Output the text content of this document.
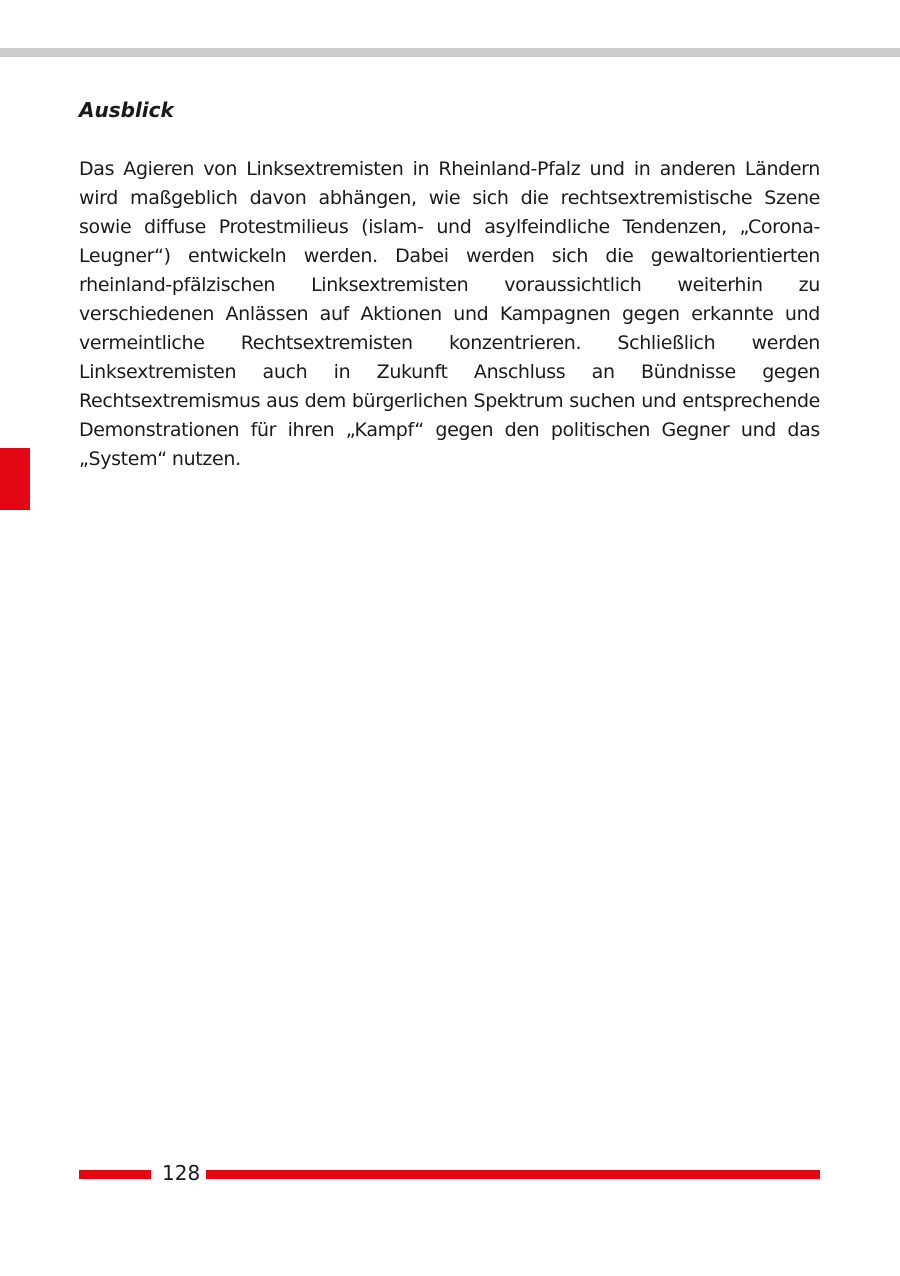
Ausblick

Das Agieren von Linksextremisten in Rheinland-Pfalz und in anderen Ländern wird maßgeblich davon abhängen, wie sich die rechtsextremistische Szene sowie diffuse Protestmilieus (islam- und asylfeindliche Tendenzen, „Corona-Leugner“) entwickeln werden. Dabei werden sich die gewaltorientierten rheinland-pfälzischen Linksextremisten voraussichtlich weiterhin zu verschiedenen Anlässen auf Aktionen und Kampagnen gegen erkannte und vermeintliche Rechtsextremisten konzentrieren. Schließlich werden Linksextremisten auch in Zukunft Anschluss an Bündnisse gegen Rechtsextremismus aus dem bürgerlichen Spektrum suchen und entsprechende Demonstrationen für ihren „Kampf“ gegen den politischen Gegner und das „System“ nutzen.

128
